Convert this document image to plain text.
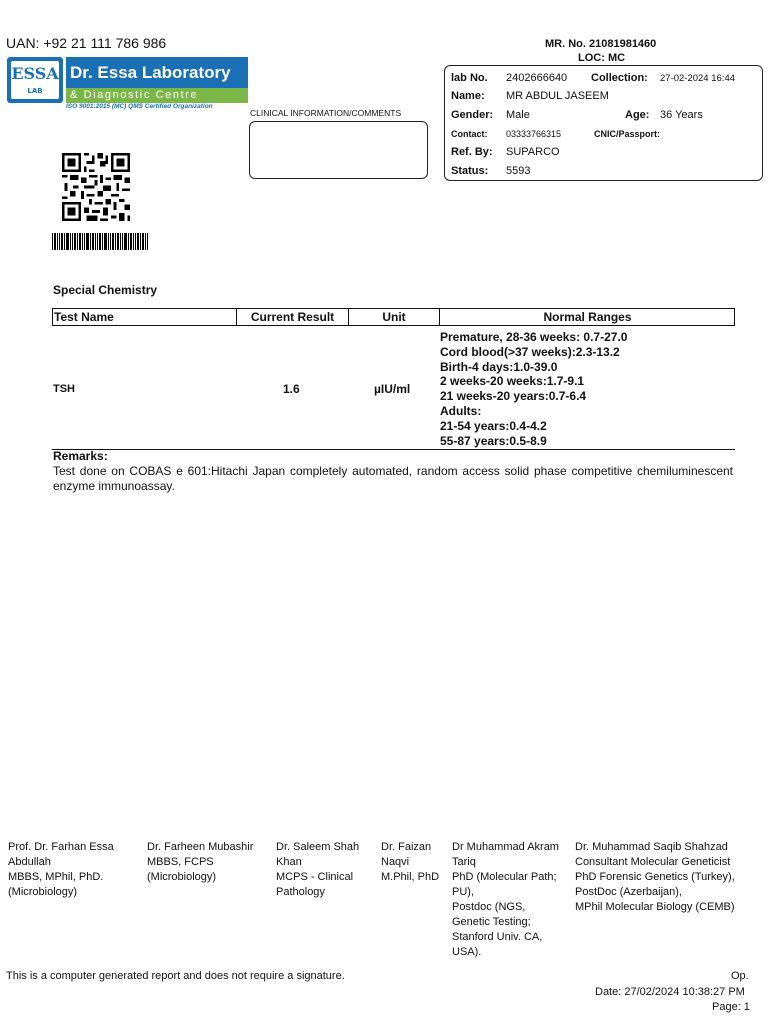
UAN: +92 21 111 786 986	MR. No. 21081981460
LOC: MC
ESSA
LAB
Dr. Essa Laboratory
& Diagnostic Centre
ISO 9001:2015 (MC) QMS Certified Organization
CLINICAL INFORMATION/COMMENTS
lab No. 2402666640 Collection: 27-02-2024 16:44
Name: MR ABDUL JASEEM
Gender: Male	Age: 36 Years
Contact: 03333766315	CNIC/Passport:
Ref. By: SUPARCO
Status: 5593
Special Chemistry
Test Name	Current Result	Unit	Normal Ranges
TSH	1.6	µIU/ml
Premature, 28-36 weeks: 0.7-27.0
Cord blood(>37 weeks):2.3-13.2
Birth-4 days:1.0-39.0
2 weeks-20 weeks:1.7-9.1
21 weeks-20 years:0.7-6.4
Adults:
21-54 years:0.4-4.2
55-87 years:0.5-8.9
Remarks:
Test done on COBAS e 601:Hitachi Japan completely automated, random access solid phase competitive chemiluminescent enzyme immunoassay.
Prof. Dr. Farhan Essa
Abdullah
MBBS, MPhil, PhD.
(Microbiology)
Dr. Farheen Mubashir
MBBS, FCPS
(Microbiology)
Dr. Saleem Shah
Khan
MCPS - Clinical
Pathology
Dr. Faizan
Naqvi
M.Phil, PhD
Dr Muhammad Akram
Tariq
PhD (Molecular Path;
PU),
Postdoc (NGS,
Genetic Testing;
Stanford Univ. CA,
USA).
Dr. Muhammad Saqib Shahzad
Consultant Molecular Geneticist
PhD Forensic Genetics (Turkey),
PostDoc (Azerbaijan),
MPhil Molecular Biology (CEMB)
This is a computer generated report and does not require a signature.	Op.
Date: 27/02/2024 10:38:27 PM
Page: 1
